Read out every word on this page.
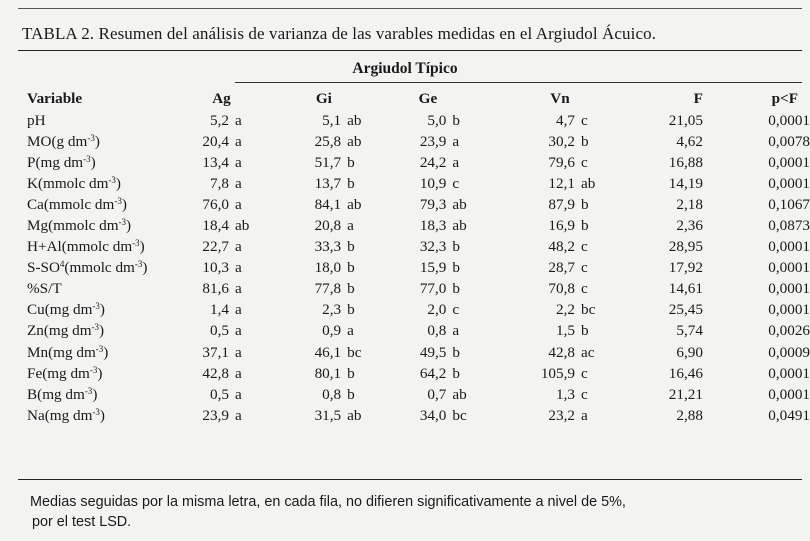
TABLA 2. Resumen del análisis de varianza de las varables medidas en el Argiudol Ácuico.
Argiudol Típico
Variable	Ag		Gi		Ge		Vn		F	p<F
pH	5,2	a	5,1	ab	5,0	b	4,7	c	21,05	0,0001
MO(g $dm^{-3}$)	20,4	a	25,8	ab	23,9	a	30,2	b	4,62	0,0078
P(mg $dm^{-3}$)	13,4	a	51,7	b	24,2	a	79,6	c	16,88	0,0001
K(mmolc $dm^{-3}$)	7,8	a	13,7	b	10,9	c	12,1	ab	14,19	0,0001
Ca(mmolc $dm^{-3}$)	76,0	a	84,1	ab	79,3	ab	87,9	b	2,18	0,1067
Mg(mmolc $dm^{-3}$)	18,4	ab	20,8	a	18,3	ab	16,9	b	2,36	0,0873
H+Al(mmolc $dm^{-3}$)	22,7	a	33,3	b	32,3	b	48,2	c	28,95	0,0001
$S-SO^4(mmolc$ $dm^{-3}$)	10,3	a	18,0	b	15,9	b	28,7	c	17,92	0,0001
%S/T	81,6	a	77,8	b	77,0	b	70,8	c	14,61	0,0001
Cu(mg $dm^{-3}$)	1,4	a	2,3	b	2,0	c	2,2	bc	25,45	0,0001
Zn(mg $dm^{-3}$)	0,5	a	0,9	a	0,8	a	1,5	b	5,74	0,0026
Mn(mg $dm^{-3}$)	37,1	a	46,1	bc	49,5	b	42,8	ac	6,90	0,0009
Fe(mg $dm^{-3}$)	42,8	a	80,1	b	64,2	b	105,9	c	16,46	0,0001
B(mg $dm^{-3}$)	0,5	a	0,8	b	0,7	ab	1,3	c	21,21	0,0001
Na(mg $dm^{-3}$)	23,9	a	31,5	ab	34,0	bc	23,2	a	2,88	0,0491
Medias seguidas por la misma letra, en cada fila, no difieren significativamente a nivel de 5%,
por el test LSD.
